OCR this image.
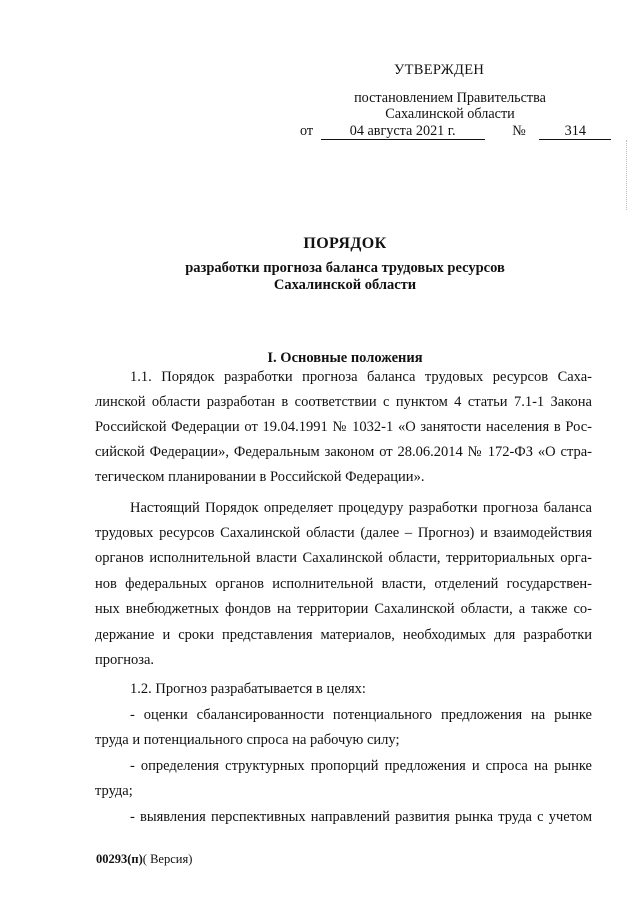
УТВЕРЖДЕН
постановлением Правительства
Сахалинской области
от	04 августа 2021 г.	№	314
ПОРЯДОК
разработки прогноза баланса трудовых ресурсов
Сахалинской области
I. Основные положения
1.1. Порядок разработки прогноза баланса трудовых ресурсов Саха-
линской области разработан в соответствии с пунктом 4 статьи 7.1-1 Закона
Российской Федерации от 19.04.1991 № 1032-1 «О занятости населения в Рос-
сийской Федерации», Федеральным законом от 28.06.2014 № 172-ФЗ «О стра-
тегическом планировании в Российской Федерации».
Настоящий Порядок определяет процедуру разработки прогноза баланса
трудовых ресурсов Сахалинской области (далее – Прогноз) и взаимодействия
органов исполнительной власти Сахалинской области, территориальных орга-
нов федеральных органов исполнительной власти, отделений государствен-
ных внебюджетных фондов на территории Сахалинской области, а также со-
держание и сроки представления материалов, необходимых для разработки
прогноза.
1.2. Прогноз разрабатывается в целях:
- оценки сбалансированности потенциального предложения на рынке
труда и потенциального спроса на рабочую силу;
- определения структурных пропорций предложения и спроса на рынке
труда;
- выявления перспективных направлений развития рынка труда с учетом
00293(п)( Версия)
